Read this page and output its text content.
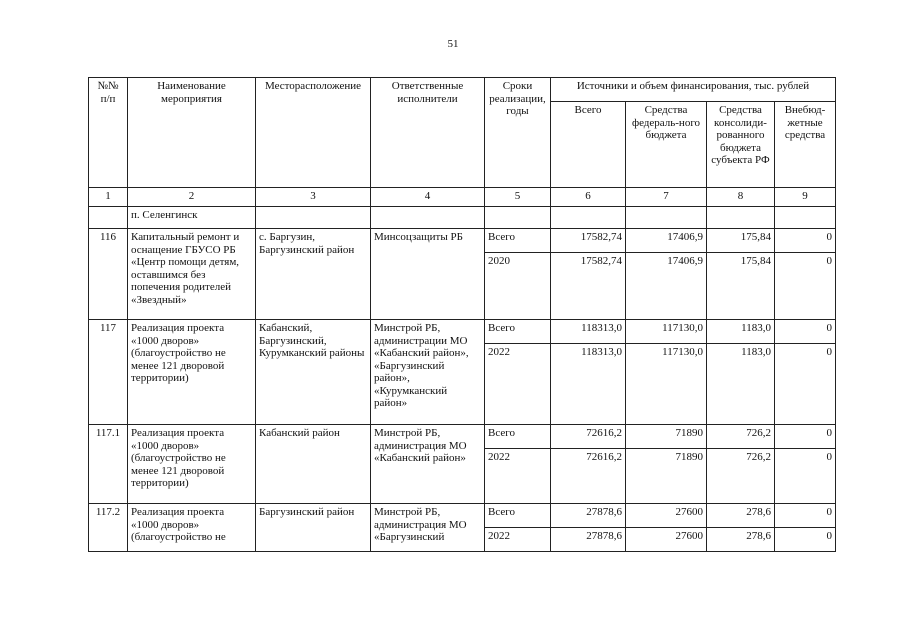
51
№№ п/п	Наименование мероприятия	Месторасположение	Ответственные исполнители	Сроки реализации, годы	Источники и объем финансирования, тыс. рублей			
					Всего	Средства федераль-ного бюджета	Средства консолиди-рованного бюджета субъекта РФ	Внебюд-жетные средства
1	2	3	4	5	6	7	8	9
	п. Селенгинск							
116	Капитальный ремонт и оснащение ГБУСО РБ «Центр помощи детям, оставшимся без попечения родителей «Звездный»	с. Баргузин, Баргузинский район	Минсоцзащиты РБ	Всего	17582,74	17406,9	175,84	0
				2020	17582,74	17406,9	175,84	0
117	Реализация проекта «1000 дворов» (благоустройство не менее 121 дворовой территории)	Кабанский, Баргузинский, Курумканский районы	Минстрой РБ, администрации МО «Кабанский район», «Баргузинский район», «Курумканский район»	Всего	118313,0	117130,0	1183,0	0
				2022	118313,0	117130,0	1183,0	0
117.1	Реализация проекта «1000 дворов» (благоустройство не менее 121 дворовой территории)	Кабанский район	Минстрой РБ, администрация МО «Кабанский район»	Всего	72616,2	71890	726,2	0
				2022	72616,2	71890	726,2	0
117.2	Реализация проекта «1000 дворов» (благоустройство не	Баргузинский район	Минстрой РБ, администрация МО «Баргузинский	Всего	27878,6	27600	278,6	0
				2022	27878,6	27600	278,6	0
